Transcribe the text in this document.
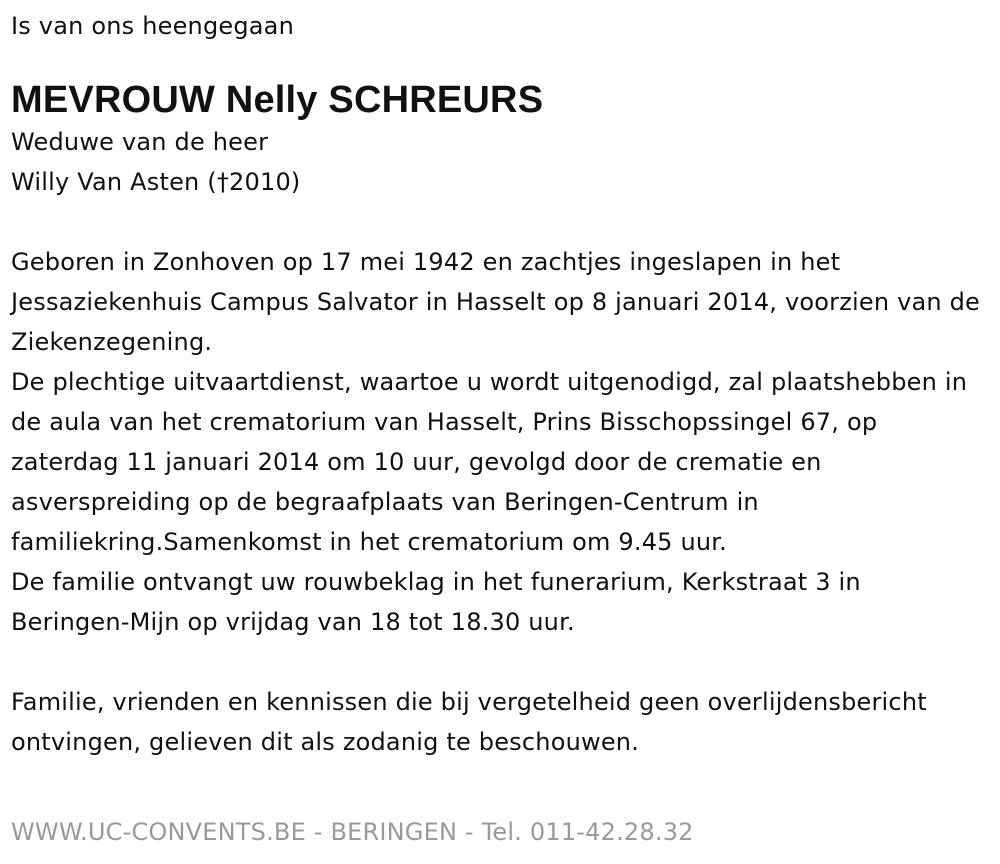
Is van ons heengegaan

MEVROUW Nelly SCHREURS

Weduwe van de heer

Willy Van Asten (†2010)

Geboren in Zonhoven op 17 mei 1942 en zachtjes ingeslapen in het Jessaziekenhuis Campus Salvator in Hasselt op 8 januari 2014, voorzien van de Ziekenzegening.

De plechtige uitvaartdienst, waartoe u wordt uitgenodigd, zal plaatshebben in de aula van het crematorium van Hasselt, Prins Bisschopssingel 67, op zaterdag 11 januari 2014 om 10 uur, gevolgd door de crematie en asverspreiding op de begraafplaats van Beringen-Centrum in familiekring.Samenkomst in het crematorium om 9.45 uur.

De familie ontvangt uw rouwbeklag in het funerarium, Kerkstraat 3 in Beringen-Mijn op vrijdag van 18 tot 18.30 uur.

Familie, vrienden en kennissen die bij vergetelheid geen overlijdensbericht ontvingen, gelieven dit als zodanig te beschouwen.

WWW.UC-CONVENTS.BE - BERINGEN - Tel. 011-42.28.32
